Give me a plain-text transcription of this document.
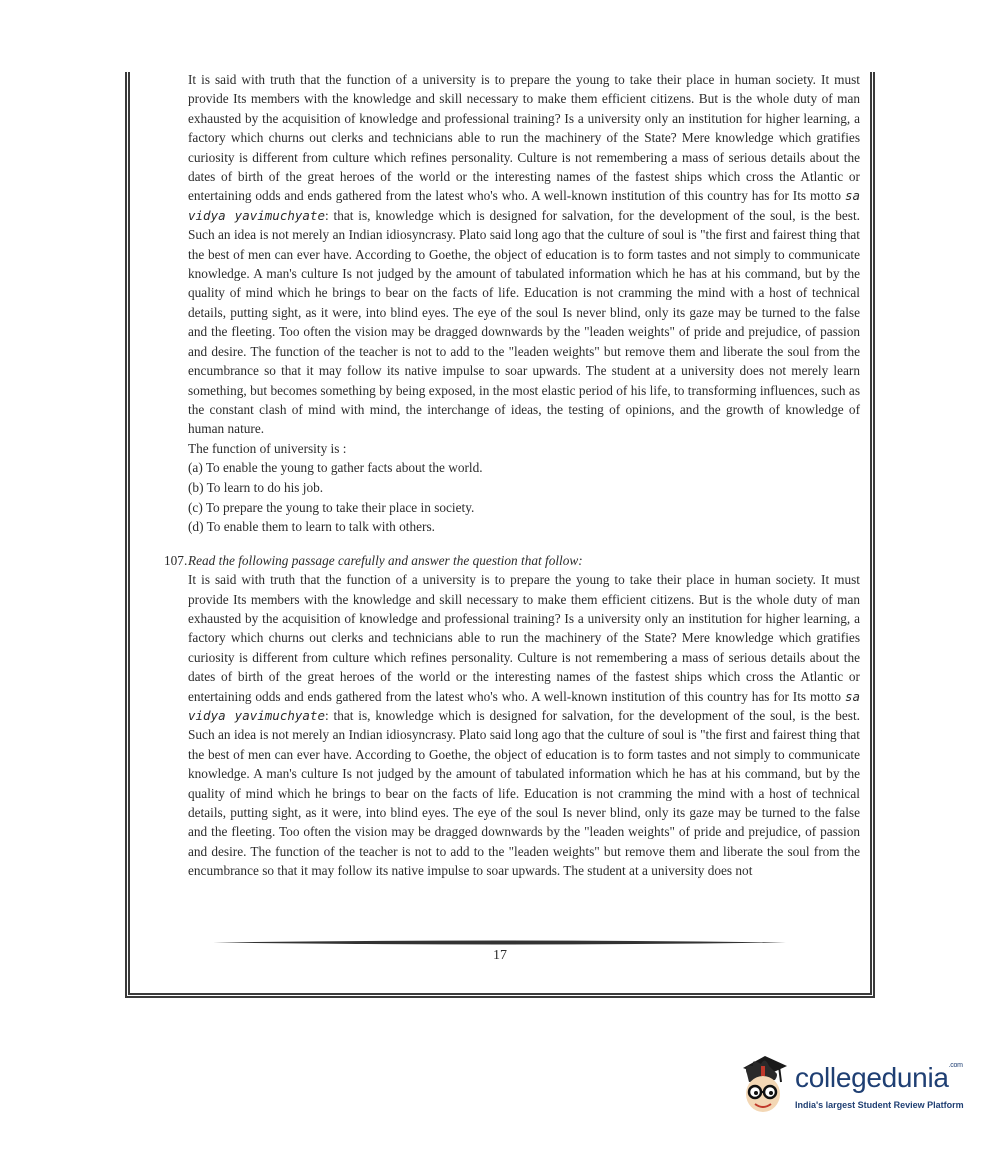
It is said with truth that the function of a university is to prepare the young to take their place in human society. It must provide Its members with the knowledge and skill necessary to make them efficient citizens. But is the whole duty of man exhausted by the acquisition of knowledge and professional training? Is a university only an institution for higher learning, a factory which churns out clerks and technicians able to run the machinery of the State? Mere knowledge which gratifies curiosity is different from culture which refines personality. Culture is not remembering a mass of serious details about the dates of birth of the great heroes of the world or the interesting names of the fastest ships which cross the Atlantic or entertaining odds and ends gathered from the latest who's who. A well-known institution of this country has for Its motto sa vidya yavimuchyate: that is, knowledge which is designed for salvation, for the development of the soul, is the best. Such an idea is not merely an Indian idiosyncrasy. Plato said long ago that the culture of soul is "the first and fairest thing that the best of men can ever have. According to Goethe, the object of education is to form tastes and not simply to communicate knowledge. A man's culture Is not judged by the amount of tabulated information which he has at his command, but by the quality of mind which he brings to bear on the facts of life. Education is not cramming the mind with a host of technical details, putting sight, as it were, into blind eyes. The eye of the soul Is never blind, only its gaze may be turned to the false and the fleeting. Too often the vision may be dragged downwards by the "leaden weights" of pride and prejudice, of passion and desire. The function of the teacher is not to add to the "leaden weights" but remove them and liberate the soul from the encumbrance so that it may follow its native impulse to soar upwards. The student at a university does not merely learn something, but becomes something by being exposed, in the most elastic period of his life, to transforming influences, such as the constant clash of mind with mind, the interchange of ideas, the testing of opinions, and the growth of knowledge of human nature.

The function of university is :

(a) To enable the young to gather facts about the world.
(b) To learn to do his job.
(c) To prepare the young to take their place in society.
(d) To enable them to learn to talk with others.
107. Read the following passage carefully and answer the question that follow:

It is said with truth that the function of a university is to prepare the young to take their place in human society. It must provide Its members with the knowledge and skill necessary to make them efficient citizens. But is the whole duty of man exhausted by the acquisition of knowledge and professional training? Is a university only an institution for higher learning, a factory which churns out clerks and technicians able to run the machinery of the State? Mere knowledge which gratifies curiosity is different from culture which refines personality. Culture is not remembering a mass of serious details about the dates of birth of the great heroes of the world or the interesting names of the fastest ships which cross the Atlantic or entertaining odds and ends gathered from the latest who's who. A well-known institution of this country has for Its motto sa vidya yavimuchyate: that is, knowledge which is designed for salvation, for the development of the soul, is the best. Such an idea is not merely an Indian idiosyncrasy. Plato said long ago that the culture of soul is "the first and fairest thing that the best of men can ever have. According to Goethe, the object of education is to form tastes and not simply to communicate knowledge. A man's culture Is not judged by the amount of tabulated information which he has at his command, but by the quality of mind which he brings to bear on the facts of life. Education is not cramming the mind with a host of technical details, putting sight, as it were, into blind eyes. The eye of the soul Is never blind, only its gaze may be turned to the false and the fleeting. Too often the vision may be dragged downwards by the "leaden weights" of pride and prejudice, of passion and desire. The function of the teacher is not to add to the "leaden weights" but remove them and liberate the soul from the encumbrance so that it may follow its native impulse to soar upwards. The student at a university does not

17
collegedunia$^{.com}$
India's largest Student Review Platform
